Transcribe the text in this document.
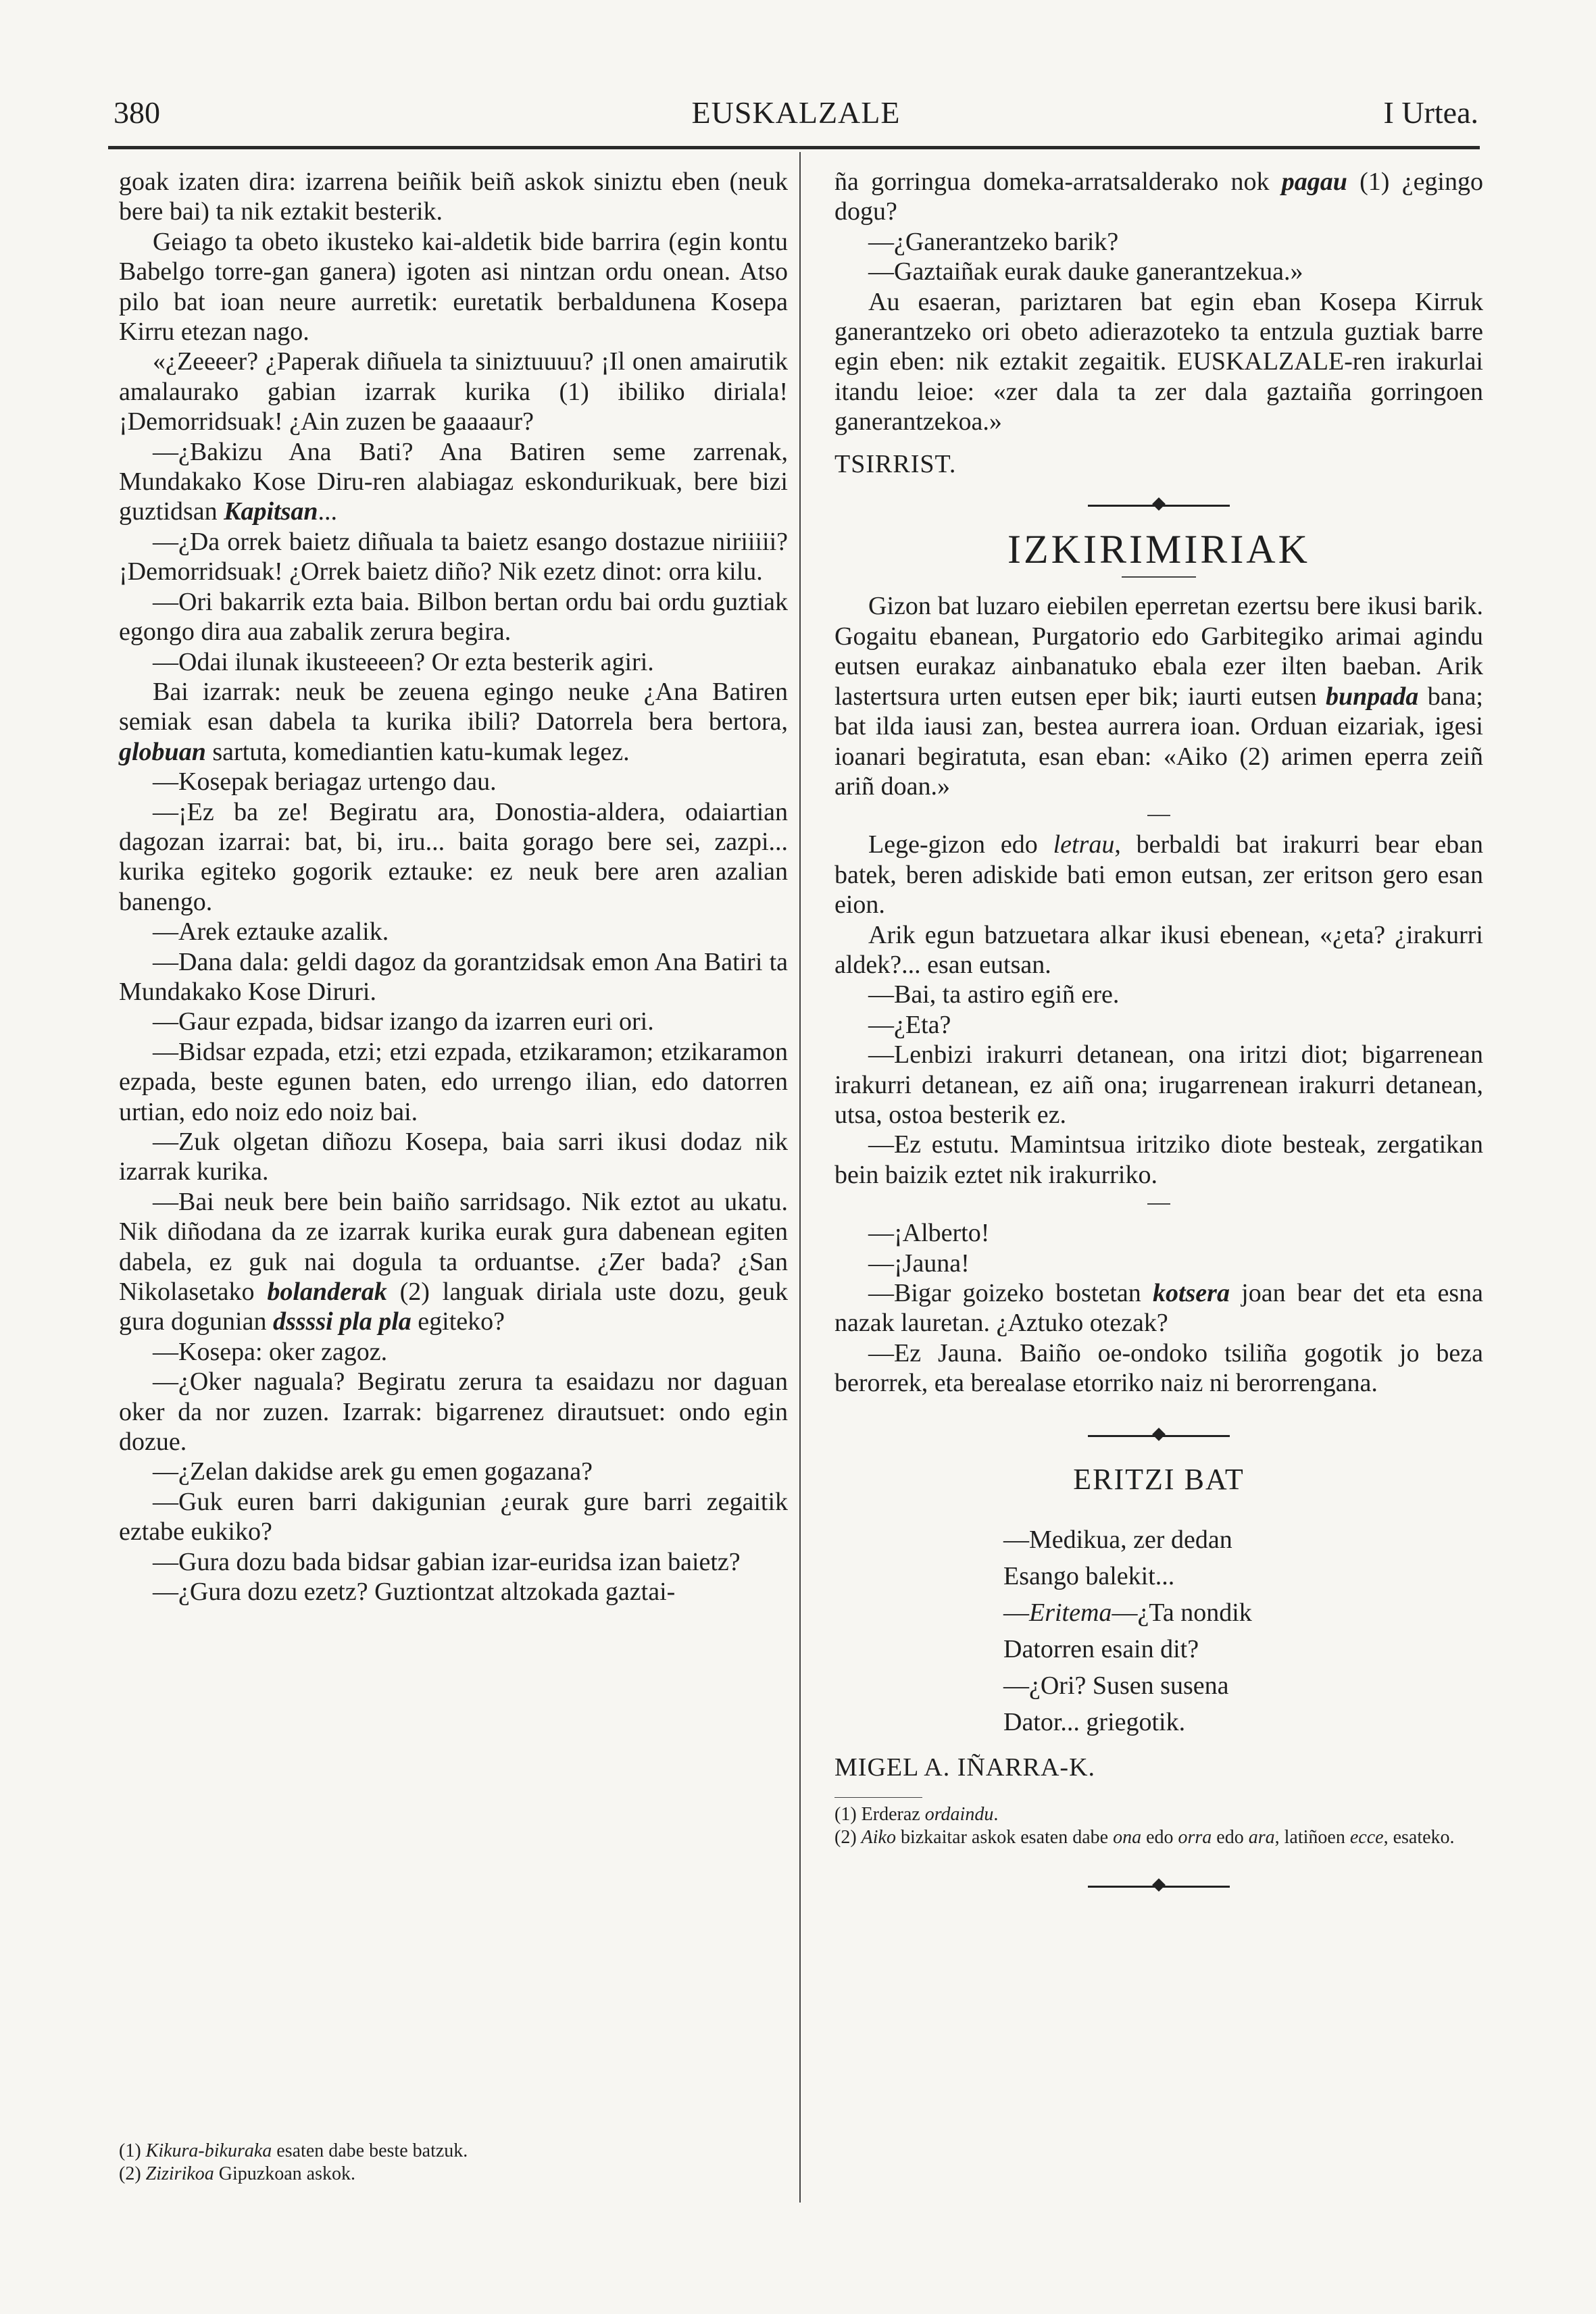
380	EUSKALZALE	I Urtea.

goak izaten dira: izarrena beiñik beiñ askok siniztu eben (neuk bere bai) ta nik eztakit besterik.

Geiago ta obeto ikusteko kai-aldetik bide barrira (egin kontu Babelgo torre-gan ganera) igoten asi nintzan ordu onean. Atso pilo bat ioan neure aurretik: euretatik berbaldunena Kosepa Kirru etezan nago.

«¿Zeeeer? ¿Paperak diñuela ta siniztuuuu? ¡Il onen amairutik amalaurako gabian izarrak kurika (1) ibiliko diriala! ¡Demorridsuak! ¿Ain zuzen be gaaaaur?

—¿Bakizu Ana Bati? Ana Batiren seme zarrenak, Mundakako Kose Diru-ren alabiagaz eskondurikuak, bere bizi guztidsan Kapitsan...

—¿Da orrek baietz diñuala ta baietz esango dostazue niriiiii? ¡Demorridsuak! ¿Orrek baietz diño? Nik ezetz dinot: orra kilu.

—Ori bakarrik ezta baia. Bilbon bertan ordu bai ordu guztiak egongo dira aua zabalik zerura begira.

—Odai ilunak ikusteeeen? Or ezta besterik agiri.

Bai izarrak: neuk be zeuena egingo neuke ¿Ana Batiren semiak esan dabela ta kurika ibili? Datorrela bera bertora, globuan sartuta, komediantien katu-kumak legez.

—Kosepak beriagaz urtengo dau.

—¡Ez ba ze! Begiratu ara, Donostia-aldera, odaiartian dagozan izarrai: bat, bi, iru... baita gorago bere sei, zazpi... kurika egiteko gogorik eztauke: ez neuk bere aren azalian banengo.

—Arek eztauke azalik.

—Dana dala: geldi dagoz da gorantzidsak emon Ana Batiri ta Mundakako Kose Diruri.

—Gaur ezpada, bidsar izango da izarren euri ori.

—Bidsar ezpada, etzi; etzi ezpada, etzikaramon; etzikaramon ezpada, beste egunen baten, edo urrengo ilian, edo datorren urtian, edo noiz edo noiz bai.

—Zuk olgetan diñozu Kosepa, baia sarri ikusi dodaz nik izarrak kurika.

—Bai neuk bere bein baiño sarridsago. Nik eztot au ukatu. Nik diñodana da ze izarrak kurika eurak gura dabenean egiten dabela, ez guk nai dogula ta orduantse. ¿Zer bada? ¿San Nikolasetako bolanderak (2) languak diriala uste dozu, geuk gura dogunian dssssi pla pla egiteko?

—Kosepa: oker zagoz.

—¿Oker naguala? Begiratu zerura ta esaidazu nor daguan oker da nor zuzen. Izarrak: bigarrenez dirautsuet: ondo egin dozue.

—¿Zelan dakidse arek gu emen gogazana?

—Guk euren barri dakigunian ¿eurak gure barri zegaitik eztabe eukiko?

—Gura dozu bada bidsar gabian izar-euridsa izan baietz?

—¿Gura dozu ezetz? Guztiontzat altzokada gaztai-

(1) Kikura-bikuraka esaten dabe beste batzuk.
(2) Zizirikoa Gipuzkoan askok.

ña gorringua domeka-arratsalderako nok pagau (1) ¿egingo dogu?

—¿Ganerantzeko barik?

—Gaztaiñak eurak dauke ganerantzekua.»

Au esaeran, pariztaren bat egin eban Kosepa Kirruk ganerantzeko ori obeto adierazoteko ta entzula guztiak barre egin eben: nik eztakit zegaitik. EUSKALZALE-ren irakurlai itandu leioe: «zer dala ta zer dala gaztaiña gorringoen ganerantzekoa.»

TSIRRIST.

IZKIRIMIRIAK

Gizon bat luzaro eiebilen eperretan ezertsu bere ikusi barik. Gogaitu ebanean, Purgatorio edo Garbitegiko arimai agindu eutsen eurakaz ainbanatuko ebala ezer ilten baeban. Arik lastertsura urten eutsen eper bik; iaurti eutsen bunpada bana; bat ilda iausi zan, bestea aurrera ioan. Orduan eizariak, igesi ioanari begiratuta, esan eban: «Aiko (2) arimen eperra zeiñ ariñ doan.»

Lege-gizon edo letrau, berbaldi bat irakurri bear eban batek, beren adiskide bati emon eutsan, zer eritson gero esan eion.

Arik egun batzuetara alkar ikusi ebenean, «¿eta? ¿irakurri aldek?... esan eutsan.

—Bai, ta astiro egiñ ere.

—¿Eta?

—Lenbizi irakurri detanean, ona iritzi diot; bigarrenean irakurri detanean, ez aiñ ona; irugarrenean irakurri detanean, utsa, ostoa besterik ez.

—Ez estutu. Mamintsua iritziko diote besteak, zergatikan bein baizik eztet nik irakurriko.

—¡Alberto!

—¡Jauna!

—Bigar goizeko bostetan kotsera joan bear det eta esna nazak lauretan. ¿Aztuko otezak?

—Ez Jauna. Baiño oe-ondoko tsiliña gogotik jo beza berorrek, eta berealase etorriko naiz ni berorrengana.

ERITZI BAT
—Medikua, zer dedan
Esango balekit...
—Eritema—¿Ta nondik
Datorren esain dit?
—¿Ori? Susen susena
Dator... griegotik.

MIGEL A. IÑARRA-K.

(1) Erderaz ordaindu.
(2) Aiko bizkaitar askok esaten dabe ona edo orra edo ara, latiñoen ecce, esateko.
